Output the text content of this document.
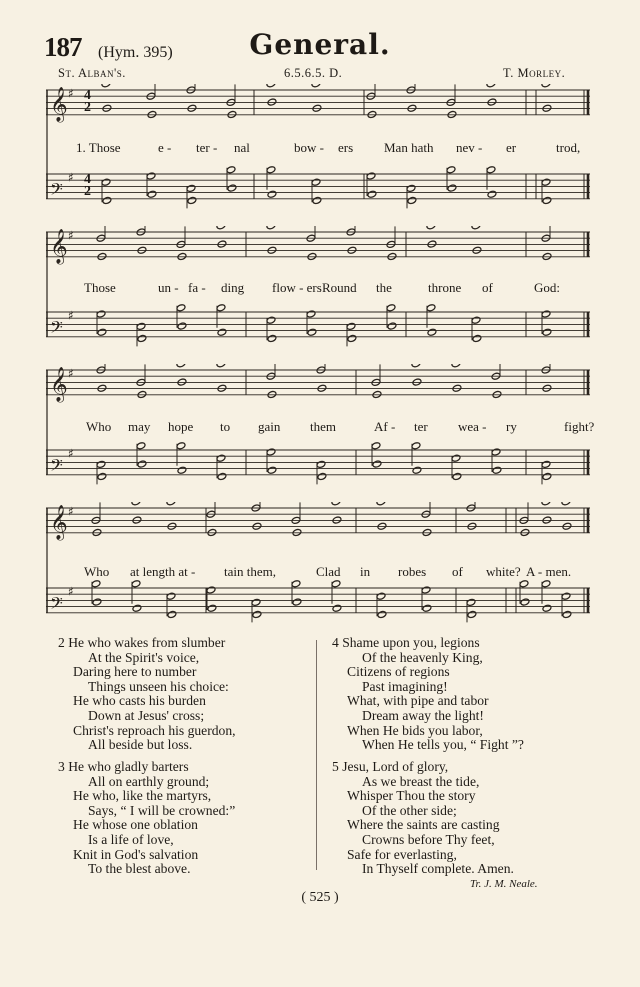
187 (Hym. 395)	General.
St. Alban's.	6.5.6.5. D.	T. Morley.
𝄞 ♯
𝄢
♯
4
2
4
2
𝄞 ♯
𝄢
♯
𝄞 ♯
𝄢
♯
𝄞 ♯
𝄢
♯
1. Those	e - ter - nal	bow - ers Man hath nev - er	trod,
Those	un - fa - ding flow - ers Round the	throne of	God:
Who may hope to gain them	Af - ter wea - ry	fight?
Who at length at - tain them,	Clad in robes of white? A - men.
2 He who wakes from slumber
At the Spirit's voice,
Daring here to number
Things unseen his choice:
He who casts his burden
Down at Jesus' cross;
Christ's reproach his guerdon,
All beside but loss.
3 He who gladly barters
All on earthly ground;
He who, like the martyrs,
Says, “ I will be crowned:”
He whose one oblation
Is a life of love,
Knit in God's salvation
To the blest above.
4 Shame upon you, legions
Of the heavenly King,
Citizens of regions
Past imagining!
What, with pipe and tabor
Dream away the light!
When He bids you labor,
When He tells you, “ Fight ”?
5 Jesu, Lord of glory,
As we breast the tide,
Whisper Thou the story
Of the other side;
Where the saints are casting
Crowns before Thy feet,
Safe for everlasting,
In Thyself complete. Amen.
Tr. J. M. Neale.
( 525 )
